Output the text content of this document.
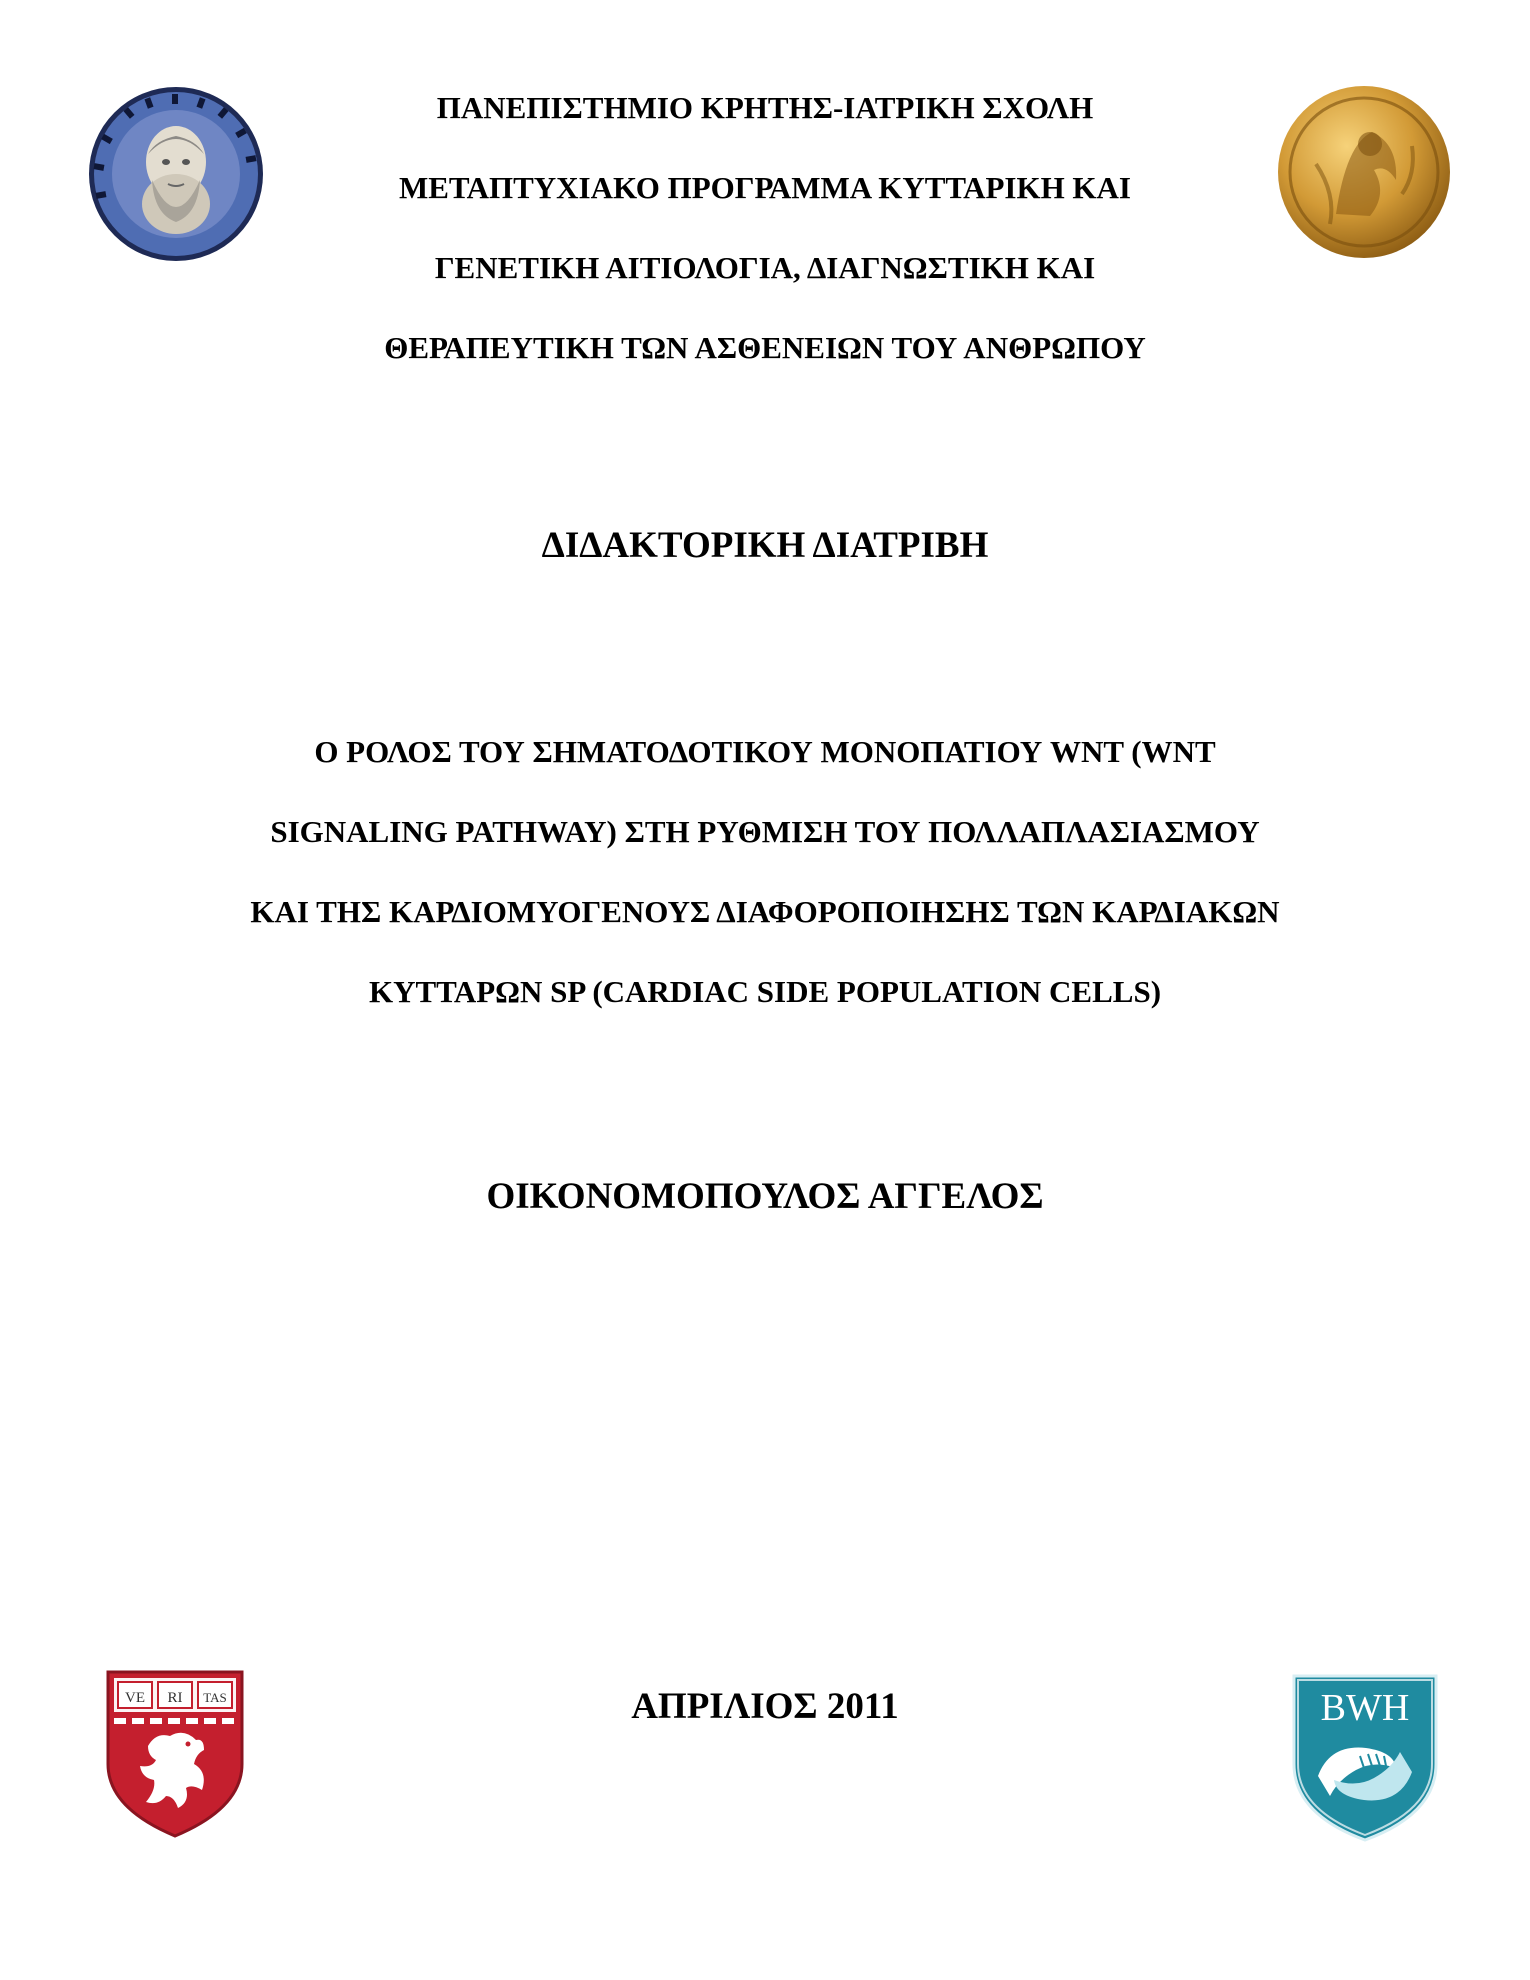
ΠΑΝΕΠΙΣΤΗΜΙΟ ΚΡΗΤΗΣ-ΙΑΤΡΙΚΗ ΣΧΟΛΗ
ΜΕΤΑΠΤΥΧΙΑΚΟ ΠΡΟΓΡΑΜΜΑ ΚΥΤΤΑΡΙΚΗ ΚΑΙ
ΓΕΝΕΤΙΚΗ ΑΙΤΙΟΛΟΓΙΑ, ΔΙΑΓΝΩΣΤΙΚΗ ΚΑΙ
ΘΕΡΑΠΕΥΤΙΚΗ ΤΩΝ ΑΣΘΕΝΕΙΩΝ ΤΟΥ ΑΝΘΡΩΠΟΥ
ΔΙΔΑΚΤΟΡΙΚΗ ΔΙΑΤΡΙΒΗ
Ο ΡΟΛΟΣ ΤΟΥ ΣΗΜΑΤΟΔΟΤΙΚΟΥ ΜΟΝΟΠΑΤΙΟΥ WNT (WNT
SIGNALING PATHWAY) ΣΤΗ ΡΥΘΜΙΣΗ ΤΟΥ ΠΟΛΛΑΠΛΑΣΙΑΣΜΟΥ
ΚΑΙ ΤΗΣ ΚΑΡΔΙΟΜΥΟΓΕΝΟΥΣ ΔΙΑΦΟΡΟΠΟΙΗΣΗΣ ΤΩΝ ΚΑΡΔΙΑΚΩΝ
ΚΥΤΤΑΡΩΝ SP (CARDIAC SIDE POPULATION CELLS)
ΟΙΚΟΝΟΜΟΠΟΥΛΟΣ ΑΓΓΕΛΟΣ
ΑΠΡΙΛΙΟΣ 2011
VE RI TAS	BWH
